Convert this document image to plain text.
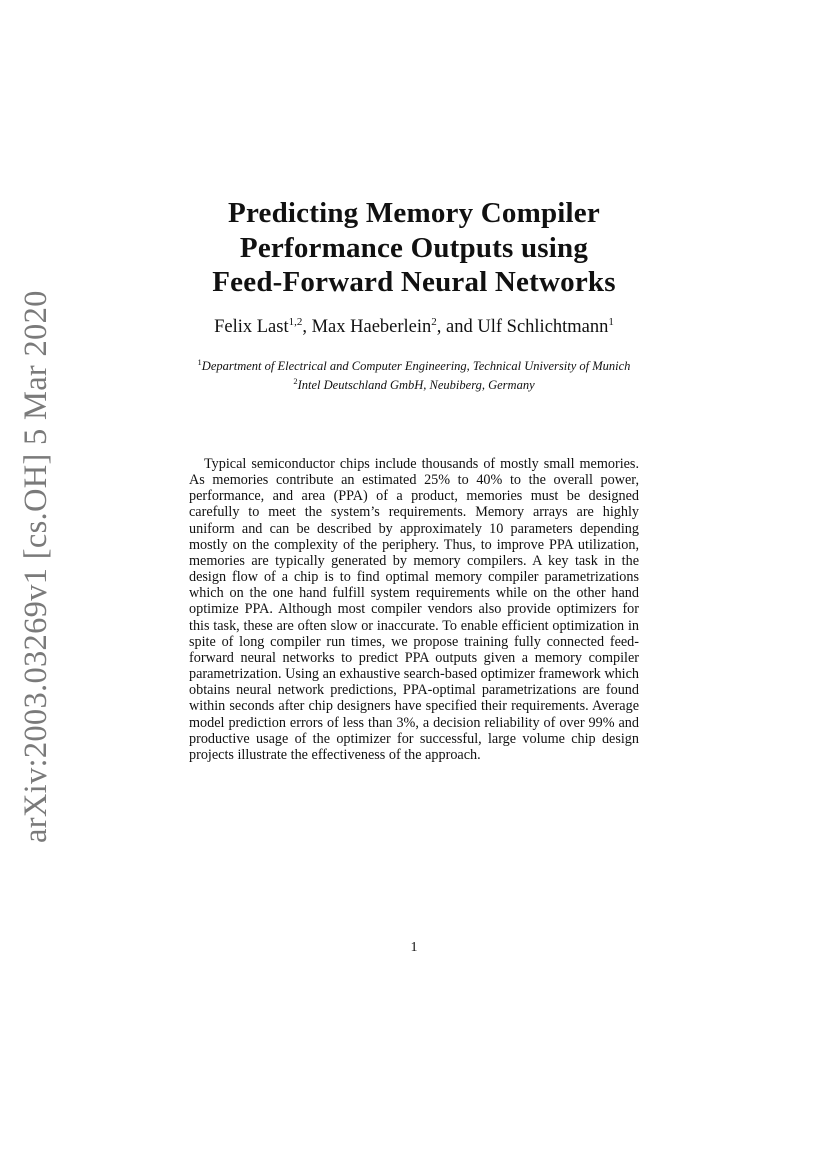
arXiv:2003.03269v1 [cs.OH] 5 Mar 2020
Predicting Memory Compiler
Performance Outputs using
Feed-Forward Neural Networks
Felix Last$^{1,2}$, Max Haeberlein$^2$, and Ulf Schlichtmann$^1$
$^1$Department of Electrical and Computer Engineering, Technical University of Munich
$^2$Intel Deutschland GmbH, Neubiberg, Germany

Typical semiconductor chips include thousands of mostly small memories. As memories contribute an estimated 25% to 40% to the overall power, performance, and area (PPA) of a product, memories must be designed carefully to meet the system’s requirements. Memory arrays are highly uniform and can be described by approximately 10 parameters depending mostly on the complexity of the periphery. Thus, to improve PPA utilization, memories are typically generated by memory compilers. A key task in the design flow of a chip is to find optimal memory compiler parametrizations which on the one hand fulfill system requirements while on the other hand optimize PPA. Although most compiler vendors also provide optimizers for this task, these are often slow or inaccurate. To enable efficient optimization in spite of long compiler run times, we propose training fully connected feed-forward neural networks to predict PPA outputs given a memory compiler parametrization. Using an exhaustive search-based optimizer framework which obtains neural network predictions, PPA-optimal parametrizations are found within seconds after chip designers have specified their requirements. Average model prediction errors of less than 3%, a decision reliability of over 99% and productive usage of the optimizer for successful, large volume chip design projects illustrate the effectiveness of the approach.

1
